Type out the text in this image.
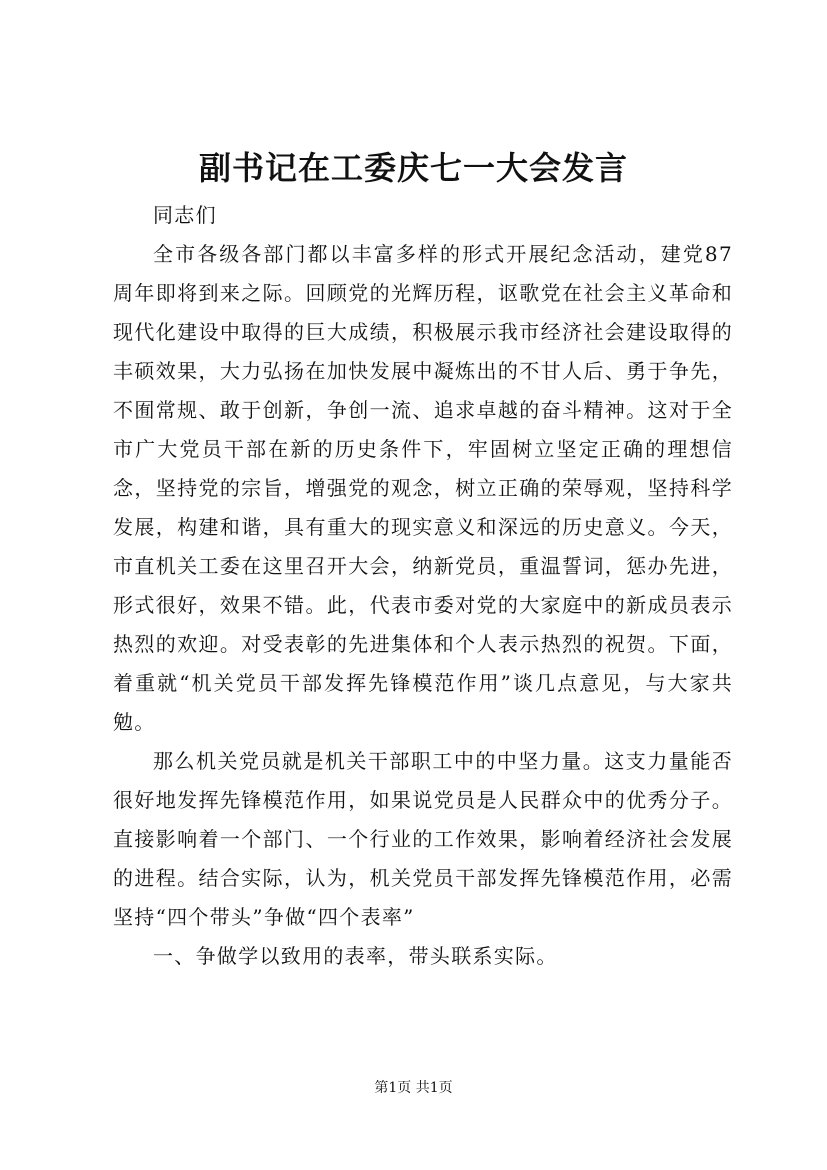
副书记在工委庆七一大会发言

同志们

全市各级各部门都以丰富多样的形式开展纪念活动，建党87周年即将到来之际。回顾党的光辉历程，讴歌党在社会主义革命和现代化建设中取得的巨大成绩，积极展示我市经济社会建设取得的丰硕效果，大力弘扬在加快发展中凝炼出的不甘人后、勇于争先，不囿常规、敢于创新，争创一流、追求卓越的奋斗精神。这对于全市广大党员干部在新的历史条件下，牢固树立坚定正确的理想信念，坚持党的宗旨，增强党的观念，树立正确的荣辱观，坚持科学发展，构建和谐，具有重大的现实意义和深远的历史意义。今天，市直机关工委在这里召开大会，纳新党员，重温誓词，惩办先进，形式很好，效果不错。此，代表市委对党的大家庭中的新成员表示热烈的欢迎。对受表彰的先进集体和个人表示热烈的祝贺。下面，着重就“机关党员干部发挥先锋模范作用”谈几点意见，与大家共勉。

那么机关党员就是机关干部职工中的中坚力量。这支力量能否很好地发挥先锋模范作用，如果说党员是人民群众中的优秀分子。直接影响着一个部门、一个行业的工作效果，影响着经济社会发展的进程。结合实际，认为，机关党员干部发挥先锋模范作用，必需坚持“四个带头”争做“四个表率”

一、争做学以致用的表率，带头联系实际。

第1页 共1页
